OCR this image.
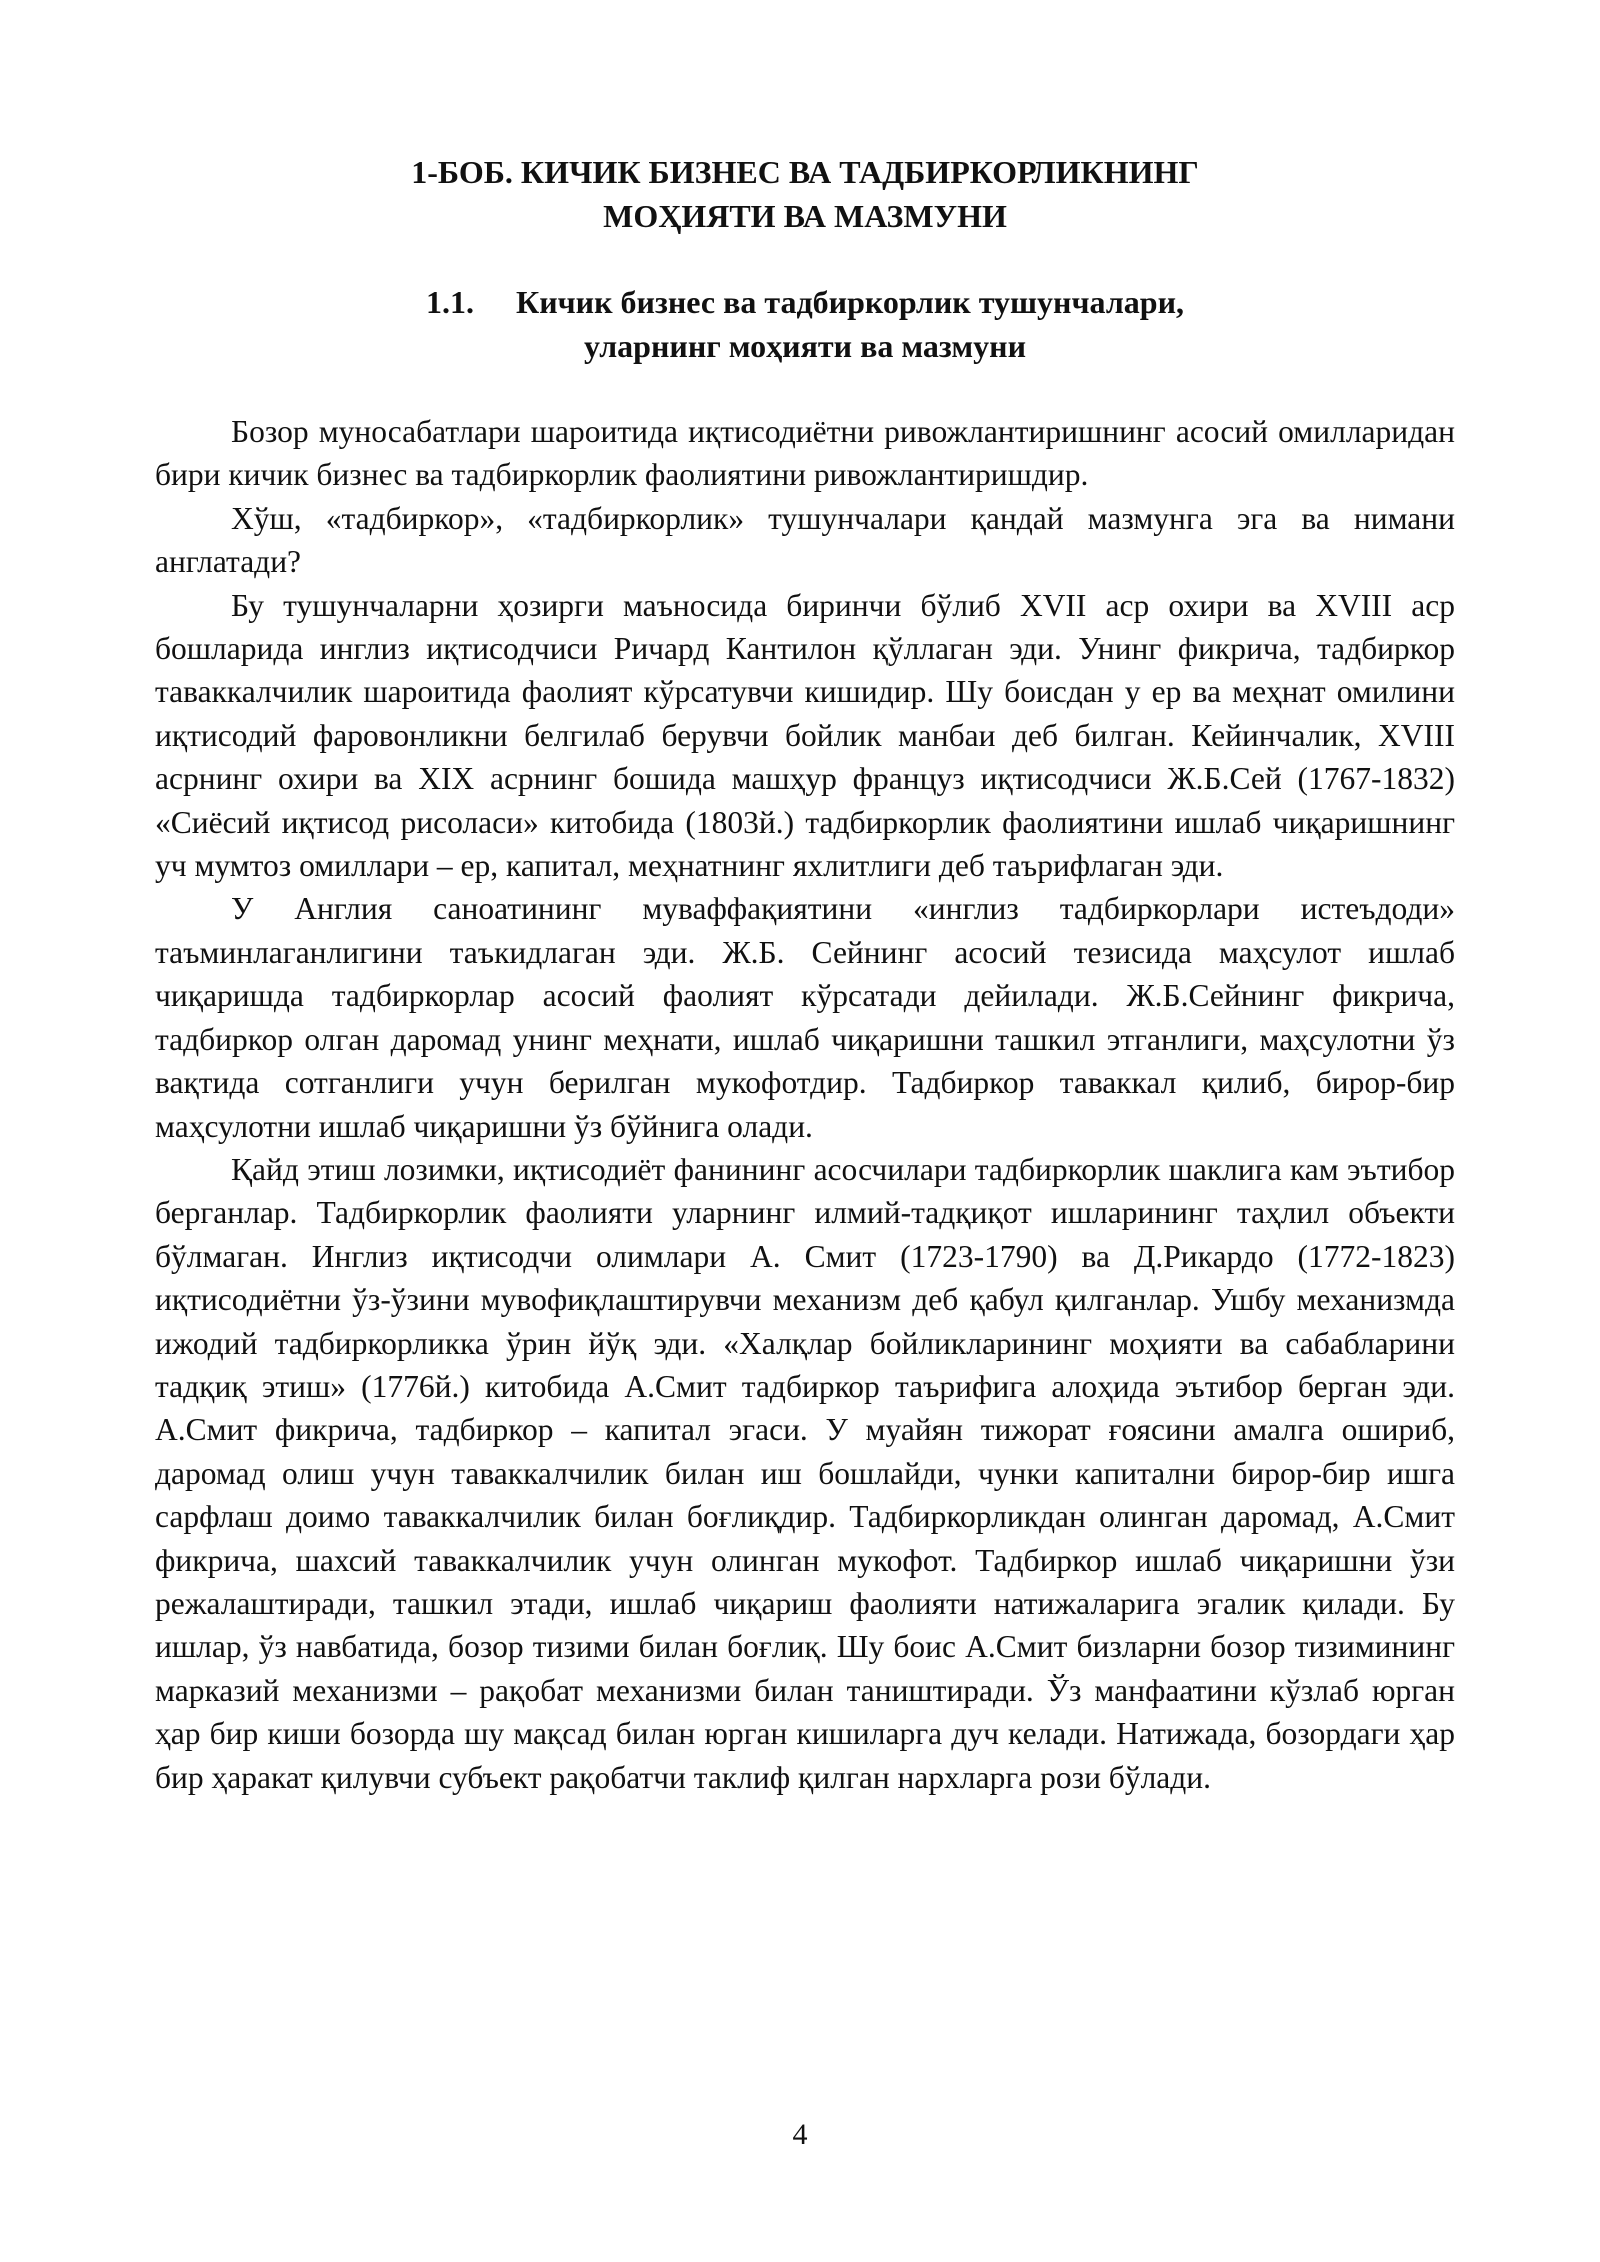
1-БОБ. КИЧИК БИЗНЕС ВА ТАДБИРКОРЛИКНИНГ
МОҲИЯТИ ВА МАЗМУНИ
1.1. Кичик бизнес ва тадбиркорлик тушунчалари,
уларнинг моҳияти ва мазмуни

Бозор муносабатлари шароитида иқтисодиётни ривожлантиришнинг асосий омилларидан бири кичик бизнес ва тадбиркорлик фаолиятини ривожлантиришдир.

Хўш, «тадбиркор», «тадбиркорлик» тушунчалари қандай мазмунга эга ва нимани англатади?

Бу тушунчаларни ҳозирги маъносида биринчи бўлиб XVII аср охири ва XVIII аср бошларида инглиз иқтисодчиси Ричард Кантилон қўллаган эди. Унинг фикрича, тадбиркор таваккалчилик шароитида фаолият кўрсатувчи кишидир. Шу боисдан у ер ва меҳнат омилини иқтисодий фаровонликни белгилаб берувчи бойлик манбаи деб билган. Кейинчалик, XVIII асрнинг охири ва XIX асрнинг бошида машҳур француз иқтисодчиси Ж.Б.Сей (1767-1832) «Сиёсий иқтисод рисоласи» китобида (1803й.) тадбиркорлик фаолиятини ишлаб чиқаришнинг уч мумтоз омиллари – ер, капитал, меҳнатнинг яхлитлиги деб таърифлаган эди.

У Англия саноатининг муваффақиятини «инглиз тадбиркорлари истеъдоди» таъминлаганлигини таъкидлаган эди. Ж.Б. Сейнинг асосий тезисида маҳсулот ишлаб чиқаришда тадбиркорлар асосий фаолият кўрсатади дейилади. Ж.Б.Сейнинг фикрича, тадбиркор олган даромад унинг меҳнати, ишлаб чиқаришни ташкил этганлиги, маҳсулотни ўз вақтида сотганлиги учун берилган мукофотдир. Тадбиркор таваккал қилиб, бирор-бир маҳсулотни ишлаб чиқаришни ўз бўйнига олади.

Қайд этиш лозимки, иқтисодиёт фанининг асосчилари тадбиркорлик шаклига кам эътибор берганлар. Тадбиркорлик фаолияти уларнинг илмий-тадқиқот ишларининг таҳлил объекти бўлмаган. Инглиз иқтисодчи олимлари А. Смит (1723-1790) ва Д.Рикардо (1772-1823) иқтисодиётни ўз-ўзини мувофиқлаштирувчи механизм деб қабул қилганлар. Ушбу механизмда ижодий тадбиркорликка ўрин йўқ эди. «Халқлар бойликларининг моҳияти ва сабабларини тадқиқ этиш» (1776й.) китобида А.Смит тадбиркор таърифига алоҳида эътибор берган эди. А.Смит фикрича, тадбиркор – капитал эгаси. У муайян тижорат ғоясини амалга ошириб, даромад олиш учун таваккалчилик билан иш бошлайди, чунки капитални бирор-бир ишга сарфлаш доимо таваккалчилик билан боғлиқдир. Тадбиркорликдан олинган даромад, А.Смит фикрича, шахсий таваккалчилик учун олинган мукофот. Тадбиркор ишлаб чиқаришни ўзи режалаштиради, ташкил этади, ишлаб чиқариш фаолияти натижаларига эгалик қилади. Бу ишлар, ўз навбатида, бозор тизими билан боғлиқ. Шу боис А.Смит бизларни бозор тизимининг марказий механизми – рақобат механизми билан таништиради. Ўз манфаатини кўзлаб юрган ҳар бир киши бозорда шу мақсад билан юрган кишиларга дуч келади. Натижада, бозордаги ҳар бир ҳаракат қилувчи субъект рақобатчи таклиф қилган нархларга рози бўлади.

4
